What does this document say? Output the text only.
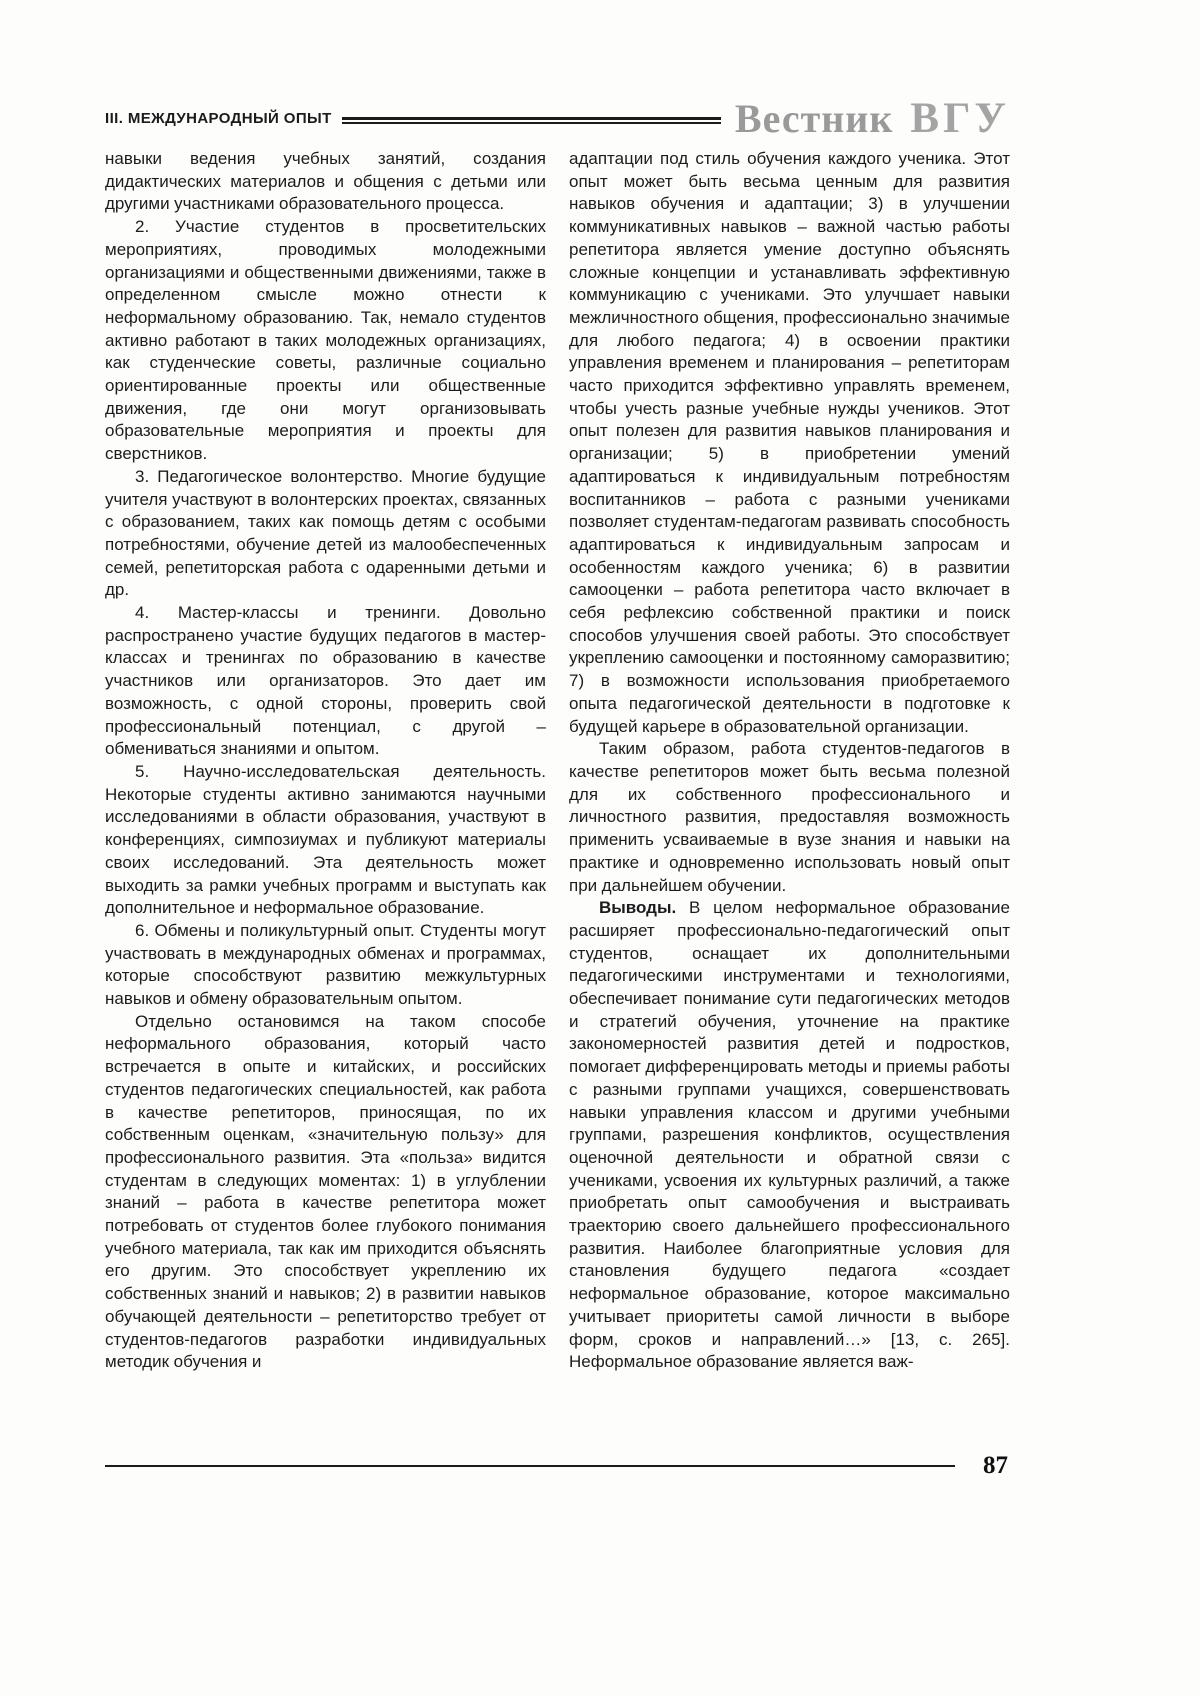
III. МЕЖДУНАРОДНЫЙ ОПЫТ	Вестник ВГУ

навыки ведения учебных занятий, создания дидактических материалов и общения с детьми или другими участниками образовательного процесса.

2. Участие студентов в просветительских мероприятиях, проводимых молодежными организациями и общественными движениями, также в определенном смысле можно отнести к неформальному образованию. Так, немало студентов активно работают в таких молодежных организациях, как студенческие советы, различные социально ориентированные проекты или общественные движения, где они могут организовывать образовательные мероприятия и проекты для сверстников.

3. Педагогическое волонтерство. Многие будущие учителя участвуют в волонтерских проектах, связанных с образованием, таких как помощь детям с особыми потребностями, обучение детей из малообеспеченных семей, репетиторская работа с одаренными детьми и др.

4. Мастер-классы и тренинги. Довольно распространено участие будущих педагогов в мастер-классах и тренингах по образованию в качестве участников или организаторов. Это дает им возможность, с одной стороны, проверить свой профессиональный потенциал, с другой – обмениваться знаниями и опытом.

5. Научно-исследовательская деятельность. Некоторые студенты активно занимаются научными исследованиями в области образования, участвуют в конференциях, симпозиумах и публикуют материалы своих исследований. Эта деятельность может выходить за рамки учебных программ и выступать как дополнительное и неформальное образование.

6. Обмены и поликультурный опыт. Студенты могут участвовать в международных обменах и программах, которые способствуют развитию межкультурных навыков и обмену образовательным опытом.

Отдельно остановимся на таком способе неформального образования, который часто встречается в опыте и китайских, и российских студентов педагогических специальностей, как работа в качестве репетиторов, приносящая, по их собственным оценкам, «значительную пользу» для профессионального развития. Эта «польза» видится студентам в следующих моментах: 1) в углублении знаний – работа в качестве репетитора может потребовать от студентов более глубокого понимания учебного материала, так как им приходится объяснять его другим. Это способствует укреплению их собственных знаний и навыков; 2) в развитии навыков обучающей деятельности – репетиторство требует от студентов-педагогов разработки индивидуальных методик обучения и

адаптации под стиль обучения каждого ученика. Этот опыт может быть весьма ценным для развития навыков обучения и адаптации; 3) в улучшении коммуникативных навыков – важной частью работы репетитора является умение доступно объяснять сложные концепции и устанавливать эффективную коммуникацию с учениками. Это улучшает навыки межличностного общения, профессионально значимые для любого педагога; 4) в освоении практики управления временем и планирования – репетиторам часто приходится эффективно управлять временем, чтобы учесть разные учебные нужды учеников. Этот опыт полезен для развития навыков планирования и организации; 5) в приобретении умений адаптироваться к индивидуальным потребностям воспитанников – работа с разными учениками позволяет студентам-педагогам развивать способность адаптироваться к индивидуальным запросам и особенностям каждого ученика; 6) в развитии самооценки – работа репетитора часто включает в себя рефлексию собственной практики и поиск способов улучшения своей работы. Это способствует укреплению самооценки и постоянному саморазвитию; 7) в возможности использования приобретаемого опыта педагогической деятельности в подготовке к будущей карьере в образовательной организации.

Таким образом, работа студентов-педагогов в качестве репетиторов может быть весьма полезной для их собственного профессионального и личностного развития, предоставляя возможность применить усваиваемые в вузе знания и навыки на практике и одновременно использовать новый опыт при дальнейшем обучении.

Выводы. В целом неформальное образование расширяет профессионально-педагогический опыт студентов, оснащает их дополнительными педагогическими инструментами и технологиями, обеспечивает понимание сути педагогических методов и стратегий обучения, уточнение на практике закономерностей развития детей и подростков, помогает дифференцировать методы и приемы работы с разными группами учащихся, совершенствовать навыки управления классом и другими учебными группами, разрешения конфликтов, осуществления оценочной деятельности и обратной связи с учениками, усвоения их культурных различий, а также приобретать опыт самообучения и выстраивать траекторию своего дальнейшего профессионального развития. Наиболее благоприятные условия для становления будущего педагога «создает неформальное образование, которое максимально учитывает приоритеты самой личности в выборе форм, сроков и направлений…» [13, с. 265]. Неформальное образование является важ-

87
